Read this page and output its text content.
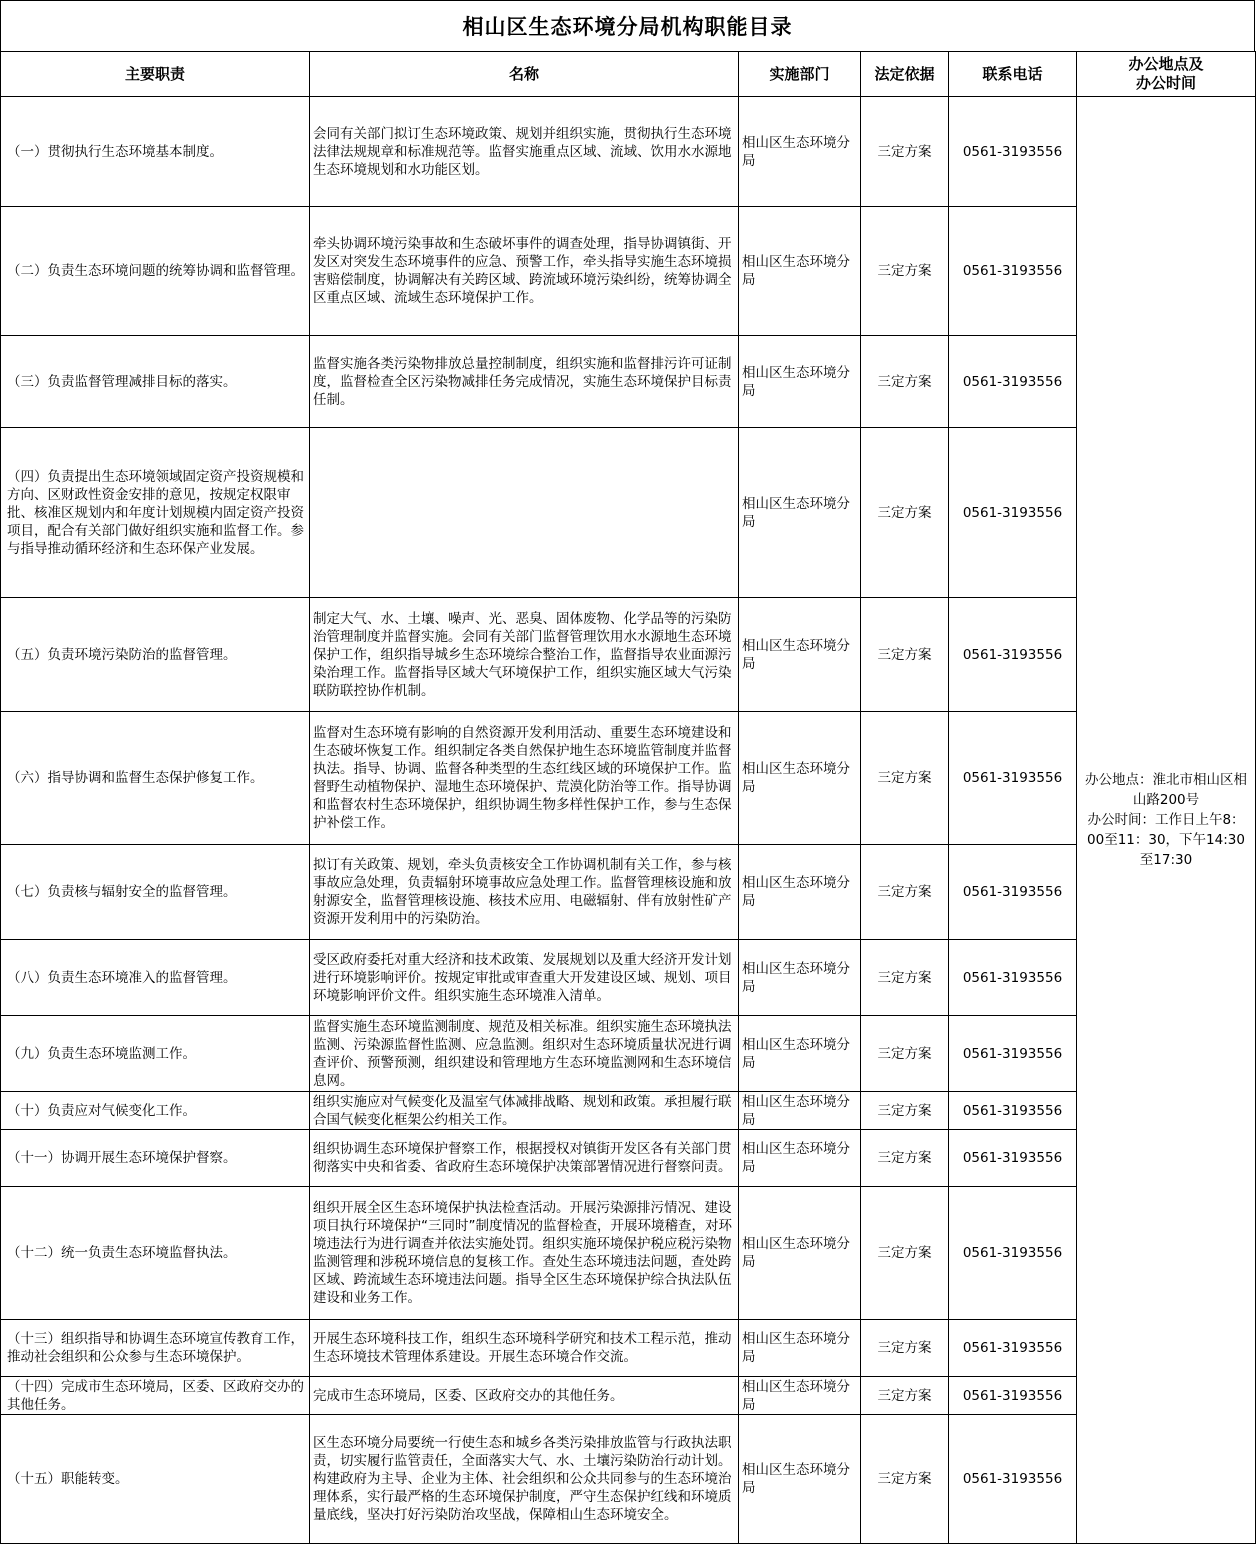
相山区生态环境分局机构职能目录
主要职责	名称	实施部门	法定依据	联系电话	办公地点及
办公时间

（一）贯彻执行生态环境基本制度。	会同有关部门拟订生态环境政策、规划并组织实施，贯彻执行生态环境法律法规规章和标准规范等。监督实施重点区域、流域、饮用水水源地生态环境规划和水功能区划。	相山区生态环境分局	三定方案	0561-3193556	办公地点：淮北市相山区相山路200号
办公时间：工作日上午8：00至11：30，下午14:30至17:30

（二）负责生态环境问题的统筹协调和监督管理。	牵头协调环境污染事故和生态破坏事件的调查处理，指导协调镇街、开发区对突发生态环境事件的应急、预警工作，牵头指导实施生态环境损害赔偿制度，协调解决有关跨区域、跨流域环境污染纠纷，统筹协调全区重点区域、流域生态环境保护工作。	相山区生态环境分局	三定方案	0561-3193556	
（三）负责监督管理减排目标的落实。	监督实施各类污染物排放总量控制制度，组织实施和监督排污许可证制度，监督检查全区污染物减排任务完成情况，实施生态环境保护目标责任制。	相山区生态环境分局	三定方案	0561-3193556	
（四）负责提出生态环境领域固定资产投资规模和方向、区财政性资金安排的意见，按规定权限审批、核准区规划内和年度计划规模内固定资产投资项目，配合有关部门做好组织实施和监督工作。参与指导推动循环经济和生态环保产业发展。		相山区生态环境分局	三定方案	0561-3193556	
（五）负责环境污染防治的监督管理。	制定大气、水、土壤、噪声、光、恶臭、固体废物、化学品等的污染防治管理制度并监督实施。会同有关部门监督管理饮用水水源地生态环境保护工作，组织指导城乡生态环境综合整治工作，监督指导农业面源污染治理工作。监督指导区域大气环境保护工作，组织实施区域大气污染联防联控协作机制。	相山区生态环境分局	三定方案	0561-3193556	
（六）指导协调和监督生态保护修复工作。	监督对生态环境有影响的自然资源开发利用活动、重要生态环境建设和生态破坏恢复工作。组织制定各类自然保护地生态环境监管制度并监督执法。指导、协调、监督各种类型的生态红线区域的环境保护工作。监督野生动植物保护、湿地生态环境保护、荒漠化防治等工作。指导协调和监督农村生态环境保护，组织协调生物多样性保护工作，参与生态保护补偿工作。	相山区生态环境分局	三定方案	0561-3193556	
（七）负责核与辐射安全的监督管理。	拟订有关政策、规划，牵头负责核安全工作协调机制有关工作，参与核事故应急处理，负责辐射环境事故应急处理工作。监督管理核设施和放射源安全，监督管理核设施、核技术应用、电磁辐射、伴有放射性矿产资源开发利用中的污染防治。	相山区生态环境分局	三定方案	0561-3193556	
（八）负责生态环境准入的监督管理。	受区政府委托对重大经济和技术政策、发展规划以及重大经济开发计划进行环境影响评价。按规定审批或审查重大开发建设区域、规划、项目环境影响评价文件。组织实施生态环境准入清单。	相山区生态环境分局	三定方案	0561-3193556	
（九）负责生态环境监测工作。	监督实施生态环境监测制度、规范及相关标准。组织实施生态环境执法监测、污染源监督性监测、应急监测。组织对生态环境质量状况进行调查评价、预警预测，组织建设和管理地方生态环境监测网和生态环境信息网。	相山区生态环境分局	三定方案	0561-3193556	
（十）负责应对气候变化工作。	组织实施应对气候变化及温室气体减排战略、规划和政策。承担履行联合国气候变化框架公约相关工作。	相山区生态环境分局	三定方案	0561-3193556	
（十一）协调开展生态环境保护督察。	组织协调生态环境保护督察工作，根据授权对镇街开发区各有关部门贯彻落实中央和省委、省政府生态环境保护决策部署情况进行督察问责。	相山区生态环境分局	三定方案	0561-3193556	
（十二）统一负责生态环境监督执法。	组织开展全区生态环境保护执法检查活动。开展污染源排污情况、建设项目执行环境保护“三同时”制度情况的监督检查，开展环境稽查，对环境违法行为进行调查并依法实施处罚。组织实施环境保护税应税污染物监测管理和涉税环境信息的复核工作。查处生态环境违法问题，查处跨区域、跨流域生态环境违法问题。指导全区生态环境保护综合执法队伍建设和业务工作。	相山区生态环境分局	三定方案	0561-3193556	
（十三）组织指导和协调生态环境宣传教育工作，推动社会组织和公众参与生态环境保护。	开展生态环境科技工作，组织生态环境科学研究和技术工程示范，推动生态环境技术管理体系建设。开展生态环境合作交流。	相山区生态环境分局	三定方案	0561-3193556	
（十四）完成市生态环境局，区委、区政府交办的其他任务。	完成市生态环境局，区委、区政府交办的其他任务。	相山区生态环境分局	三定方案	0561-3193556	
（十五）职能转变。	区生态环境分局要统一行使生态和城乡各类污染排放监管与行政执法职责，切实履行监管责任，全面落实大气、水、土壤污染防治行动计划。构建政府为主导、企业为主体、社会组织和公众共同参与的生态环境治理体系，实行最严格的生态环境保护制度，严守生态保护红线和环境质量底线，坚决打好污染防治攻坚战，保障相山生态环境安全。	相山区生态环境分局	三定方案	0561-3193556	
